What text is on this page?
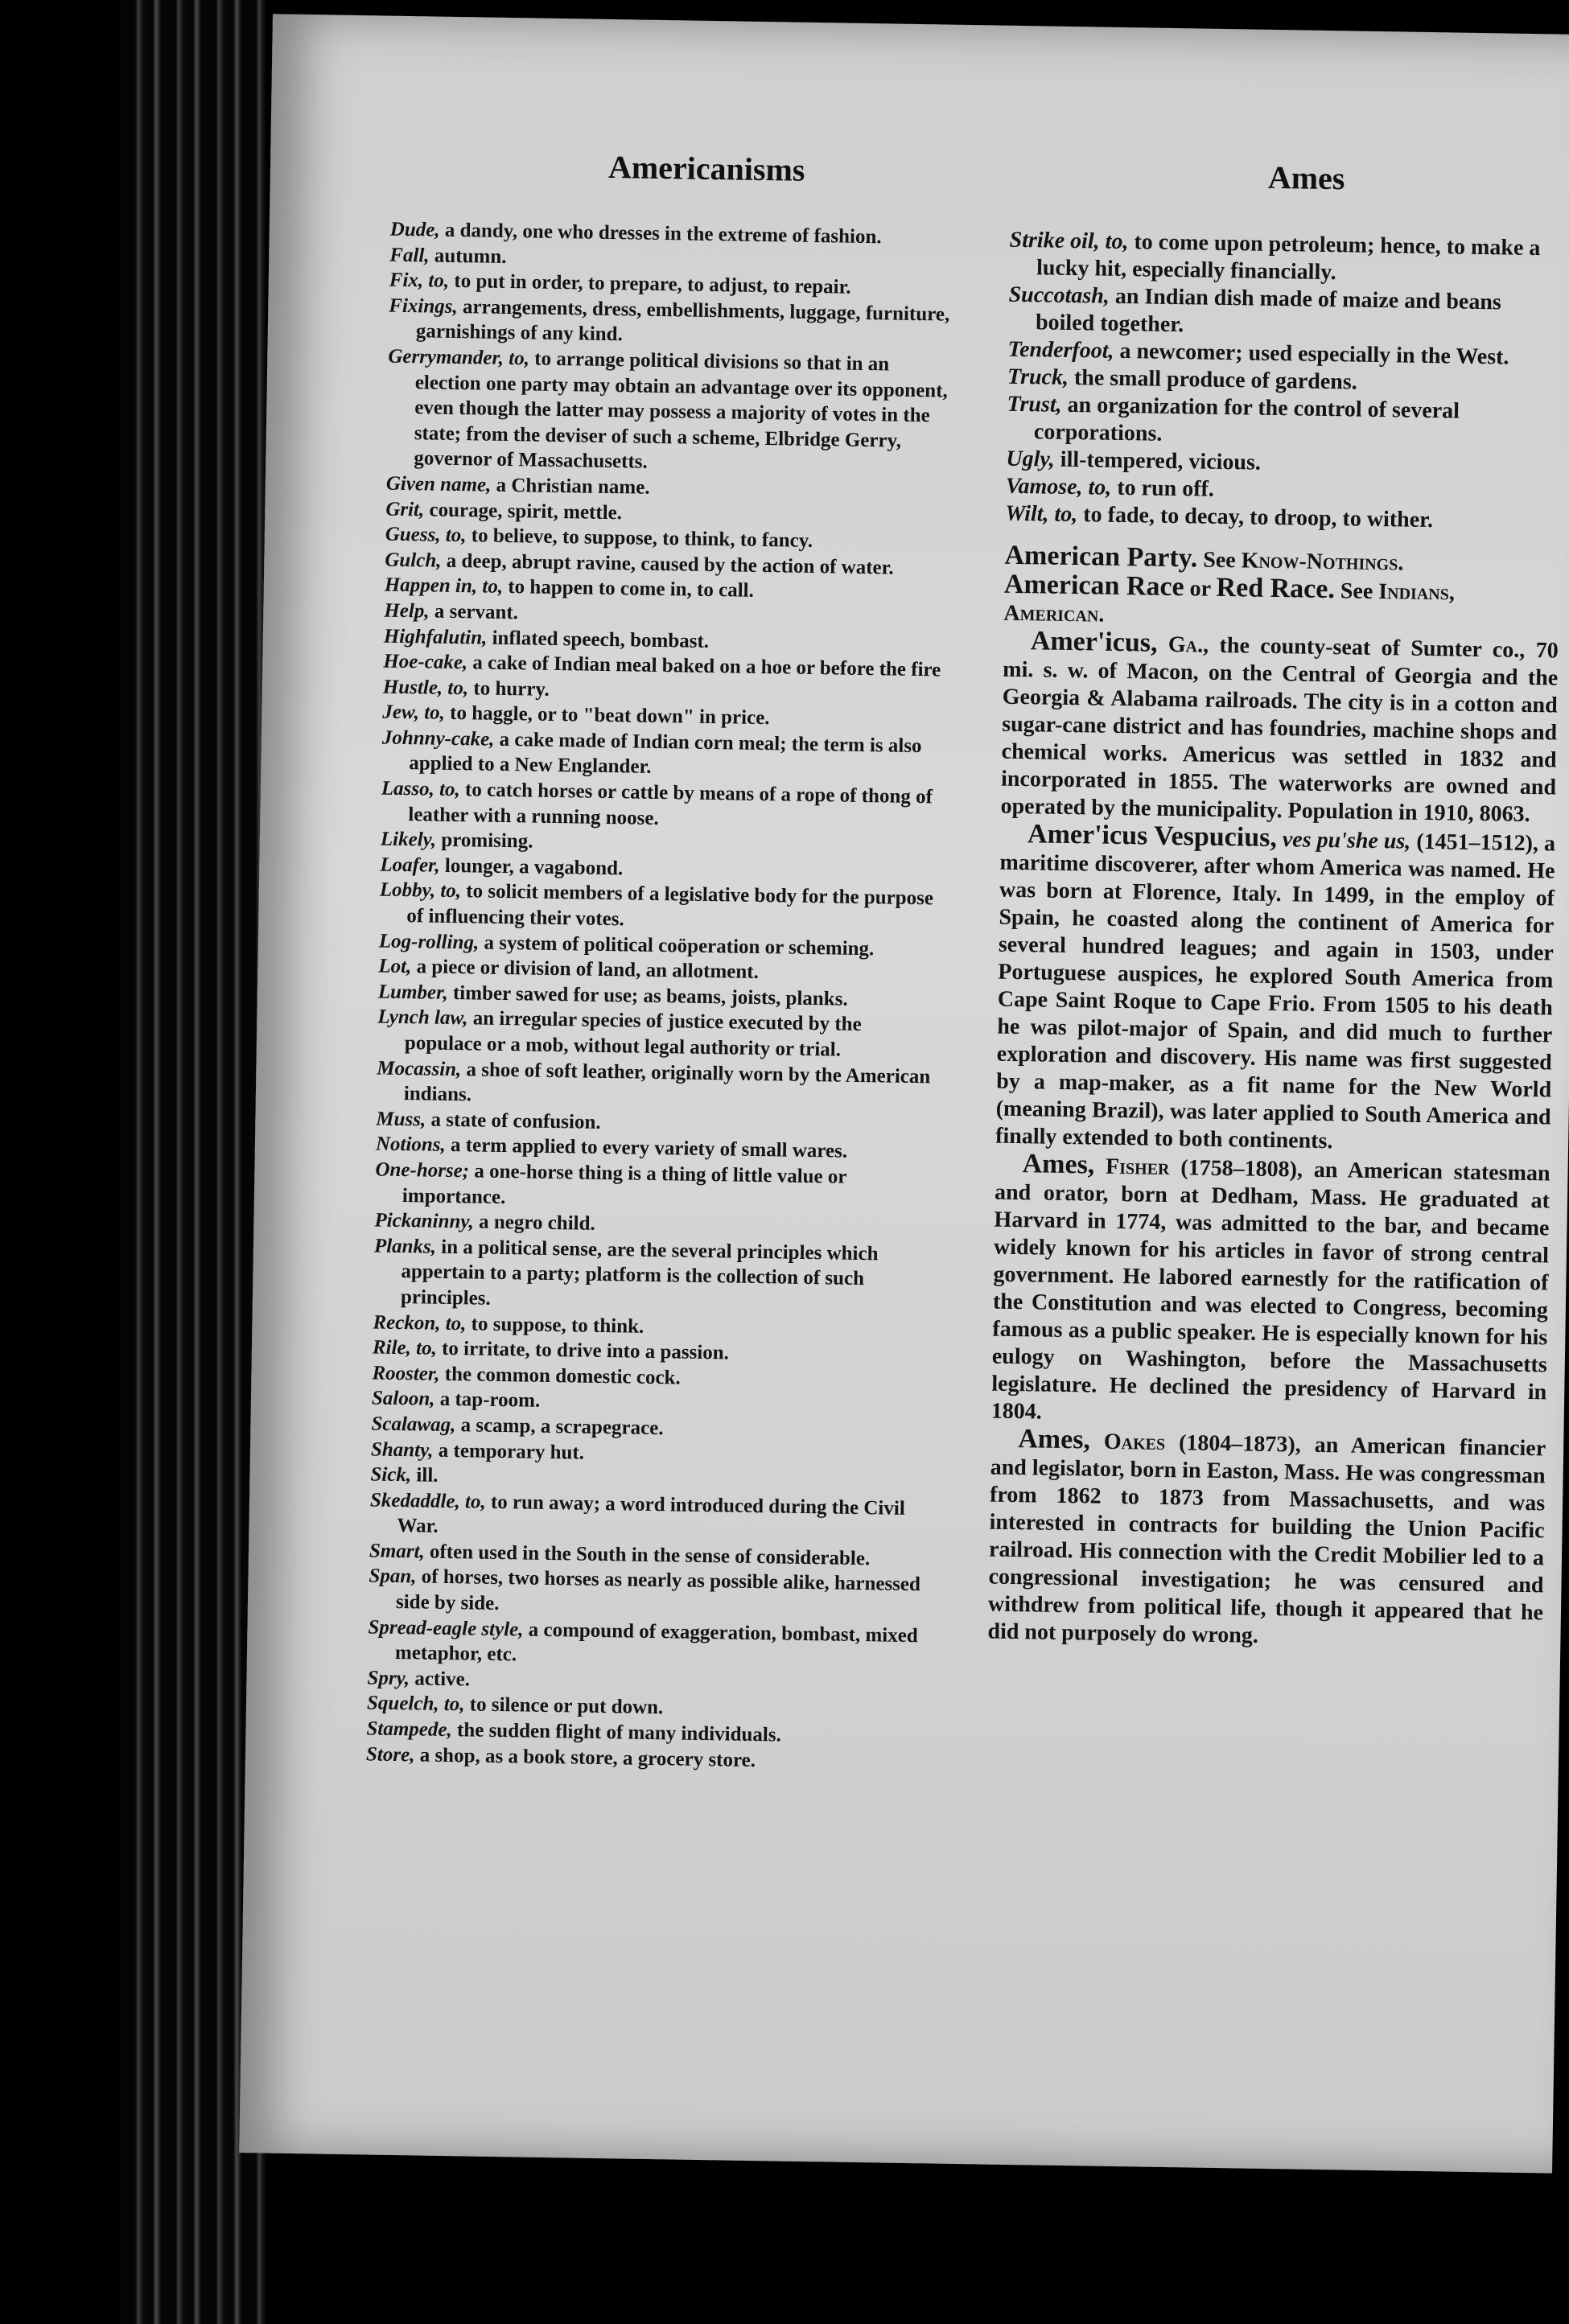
Americanisms	Ames
Dude, a dandy, one who dresses in the extreme of fashion.
Fall, autumn.
Fix, to, to put in order, to prepare, to adjust, to repair.
Fixings, arrangements, dress, embellishments, luggage, furniture, garnishings of any kind.
Gerrymander, to, to arrange political divisions so that in an election one party may obtain an advantage over its opponent, even though the latter may possess a majority of votes in the state; from the deviser of such a scheme, Elbridge Gerry, governor of Massachusetts.
Given name, a Christian name.
Grit, courage, spirit, mettle.
Guess, to, to believe, to suppose, to think, to fancy.
Gulch, a deep, abrupt ravine, caused by the action of water.
Happen in, to, to happen to come in, to call.
Help, a servant.
Highfalutin, inflated speech, bombast.
Hoe-cake, a cake of Indian meal baked on a hoe or before the fire
Hustle, to, to hurry.
Jew, to, to haggle, or to "beat down" in price.
Johnny-cake, a cake made of Indian corn meal; the term is also applied to a New Englander.
Lasso, to, to catch horses or cattle by means of a rope of thong of leather with a running noose.
Likely, promising.
Loafer, lounger, a vagabond.
Lobby, to, to solicit members of a legislative body for the purpose of influencing their votes.
Log-rolling, a system of political coöperation or scheming.
Lot, a piece or division of land, an allotment.
Lumber, timber sawed for use; as beams, joists, planks.
Lynch law, an irregular species of justice executed by the populace or a mob, without legal authority or trial.
Mocassin, a shoe of soft leather, originally worn by the American indians.
Muss, a state of confusion.
Notions, a term applied to every variety of small wares.
One-horse; a one-horse thing is a thing of little value or importance.
Pickaninny, a negro child.
Planks, in a political sense, are the several principles which appertain to a party; platform is the collection of such principles.
Reckon, to, to suppose, to think.
Rile, to, to irritate, to drive into a passion.
Rooster, the common domestic cock.
Saloon, a tap-room.
Scalawag, a scamp, a scrapegrace.
Shanty, a temporary hut.
Sick, ill.
Skedaddle, to, to run away; a word introduced during the Civil War.
Smart, often used in the South in the sense of considerable.
Span, of horses, two horses as nearly as possible alike, harnessed side by side.
Spread-eagle style, a compound of exaggeration, bombast, mixed metaphor, etc.
Spry, active.
Squelch, to, to silence or put down.
Stampede, the sudden flight of many individuals.
Store, a shop, as a book store, a grocery store.
Strike oil, to, to come upon petroleum; hence, to make a lucky hit, especially financially.
Succotash, an Indian dish made of maize and beans boiled together.
Tenderfoot, a newcomer; used especially in the West.
Truck, the small produce of gardens.
Trust, an organization for the control of several corporations.
Ugly, ill-tempered, vicious.
Vamose, to, to run off.
Wilt, to, to fade, to decay, to droop, to wither.
American Party. See Know-Nothings.
American Race or Red Race. See Indians, American.
Amer'icus, Ga., the county-seat of Sumter co., 70 mi. s. w. of Macon, on the Central of Georgia and the Georgia & Alabama railroads. The city is in a cotton and sugar-cane district and has foundries, machine shops and chemical works. Americus was settled in 1832 and incorporated in 1855. The waterworks are owned and operated by the municipality. Population in 1910, 8063.
Amer'icus Vespucius, ves pu'she us, (1451–1512), a maritime discoverer, after whom America was named. He was born at Florence, Italy. In 1499, in the employ of Spain, he coasted along the continent of America for several hundred leagues; and again in 1503, under Portuguese auspices, he explored South America from Cape Saint Roque to Cape Frio. From 1505 to his death he was pilot-major of Spain, and did much to further exploration and discovery. His name was first suggested by a map-maker, as a fit name for the New World (meaning Brazil), was later applied to South America and finally extended to both continents.
Ames, Fisher (1758–1808), an American statesman and orator, born at Dedham, Mass. He graduated at Harvard in 1774, was admitted to the bar, and became widely known for his articles in favor of strong central government. He labored earnestly for the ratification of the Constitution and was elected to Congress, becoming famous as a public speaker. He is especially known for his eulogy on Washington, before the Massachusetts legislature. He declined the presidency of Harvard in 1804.
Ames, Oakes (1804–1873), an American financier and legislator, born in Easton, Mass. He was congressman from 1862 to 1873 from Massachusetts, and was interested in contracts for building the Union Pacific railroad. His connection with the Credit Mobilier led to a congressional investigation; he was censured and withdrew from political life, though it appeared that he did not purposely do wrong.
